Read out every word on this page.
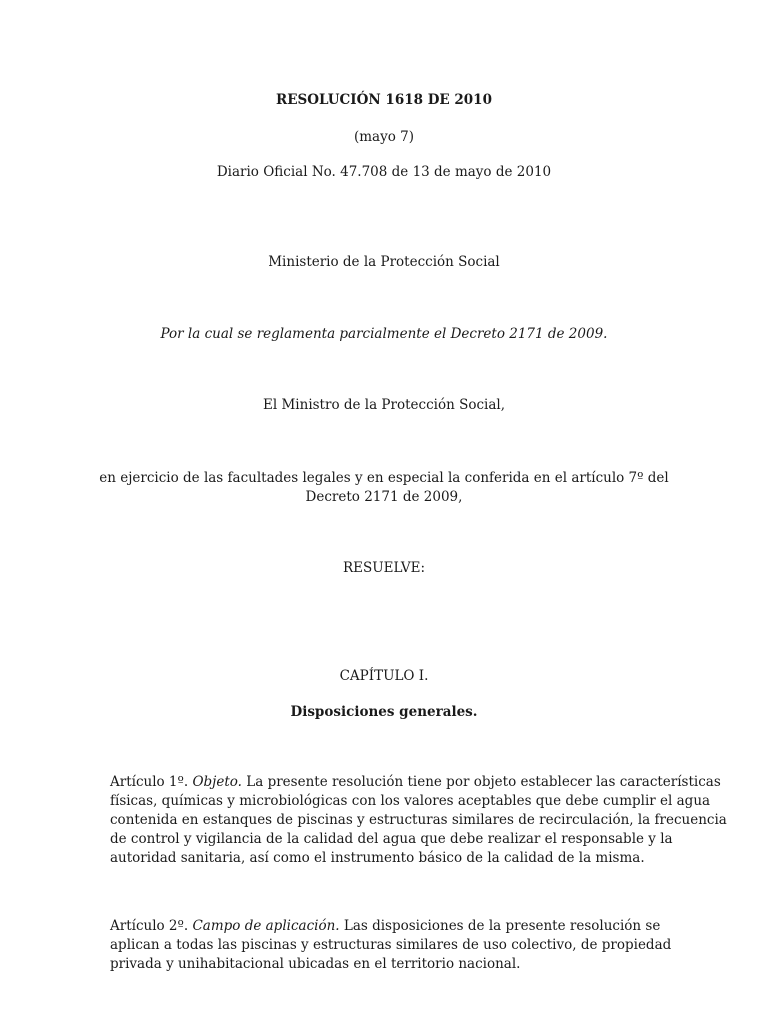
RESOLUCIÓN 1618 DE 2010
(mayo 7)
Diario Oficial No. 47.708 de 13 de mayo de 2010
Ministerio de la Protección Social
Por la cual se reglamenta parcialmente el Decreto 2171 de 2009.
El Ministro de la Protección Social,
en ejercicio de las facultades legales y en especial la conferida en el artículo 7º del
Decreto 2171 de 2009,
RESUELVE:
CAPÍTULO I.
Disposiciones generales.
Artículo 1º. Objeto. La presente resolución tiene por objeto establecer las características
físicas, químicas y microbiológicas con los valores aceptables que debe cumplir el agua
contenida en estanques de piscinas y estructuras similares de recirculación, la frecuencia
de control y vigilancia de la calidad del agua que debe realizar el responsable y la
autoridad sanitaria, así como el instrumento básico de la calidad de la misma.
Artículo 2º. Campo de aplicación. Las disposiciones de la presente resolución se
aplican a todas las piscinas y estructuras similares de uso colectivo, de propiedad
privada y unihabitacional ubicadas en el territorio nacional.
